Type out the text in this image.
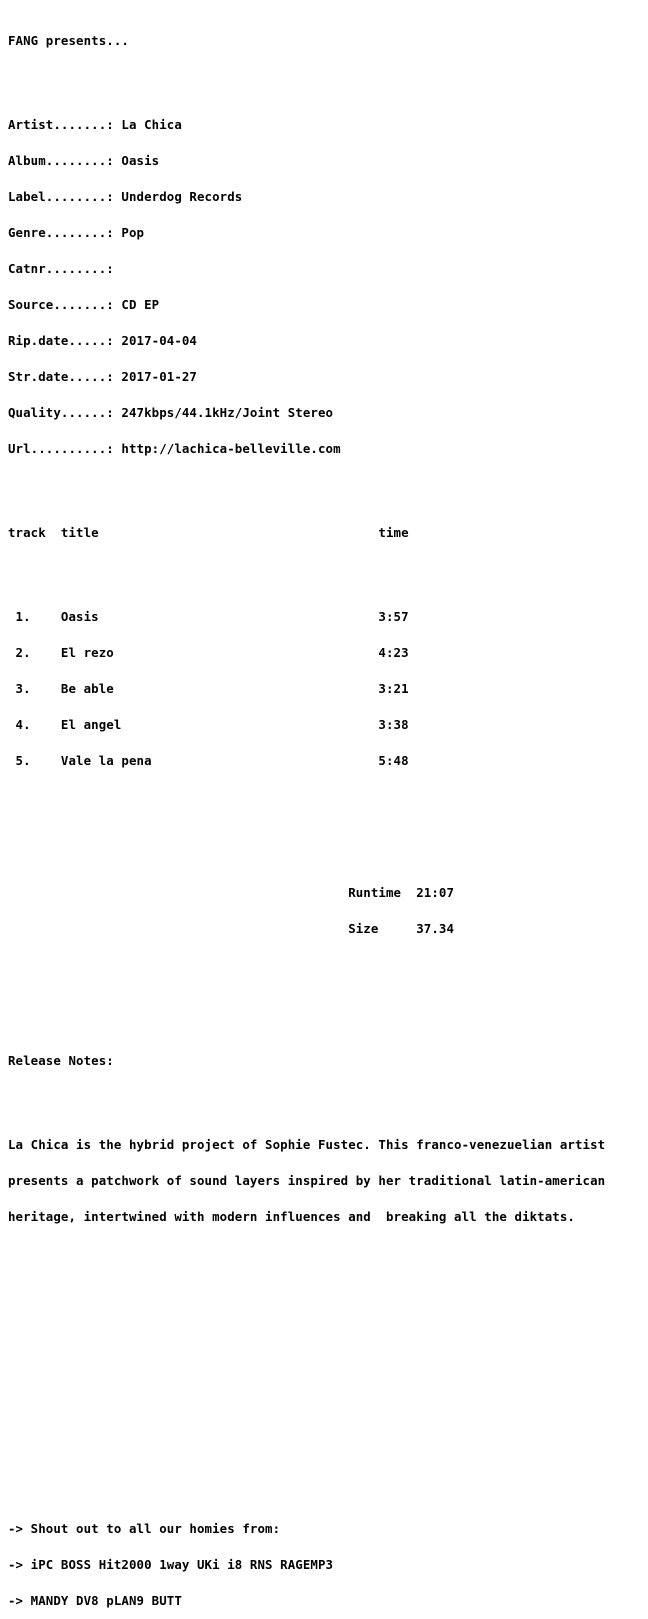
FANG presents...

Artist.......: La Chica

Album........: Oasis

Label........: Underdog Records

Genre........: Pop

Catnr........:

Source.......: CD EP

Rip.date.....: 2017-04-04

Str.date.....: 2017-01-27

Quality......: 247kbps/44.1kHz/Joint Stereo

Url..........: http://lachica-belleville.com

track  title                                     time

1.    Oasis                                     3:57

2.    El rezo                                   4:23

3.    Be able                                   3:21

4.    El angel                                  3:38

5.    Vale la pena                              5:48

Runtime  21:07

Size     37.34

Release Notes:

La Chica is the hybrid project of Sophie Fustec. This franco-venezuelian artist

presents a patchwork of sound layers inspired by her traditional latin-american

heritage, intertwined with modern influences and  breaking all the diktats.

-> Shout out to all our homies from:

-> iPC BOSS Hit2000 1way UKi i8 RNS RAGEMP3

-> MANDY DV8 pLAN9 BUTT
